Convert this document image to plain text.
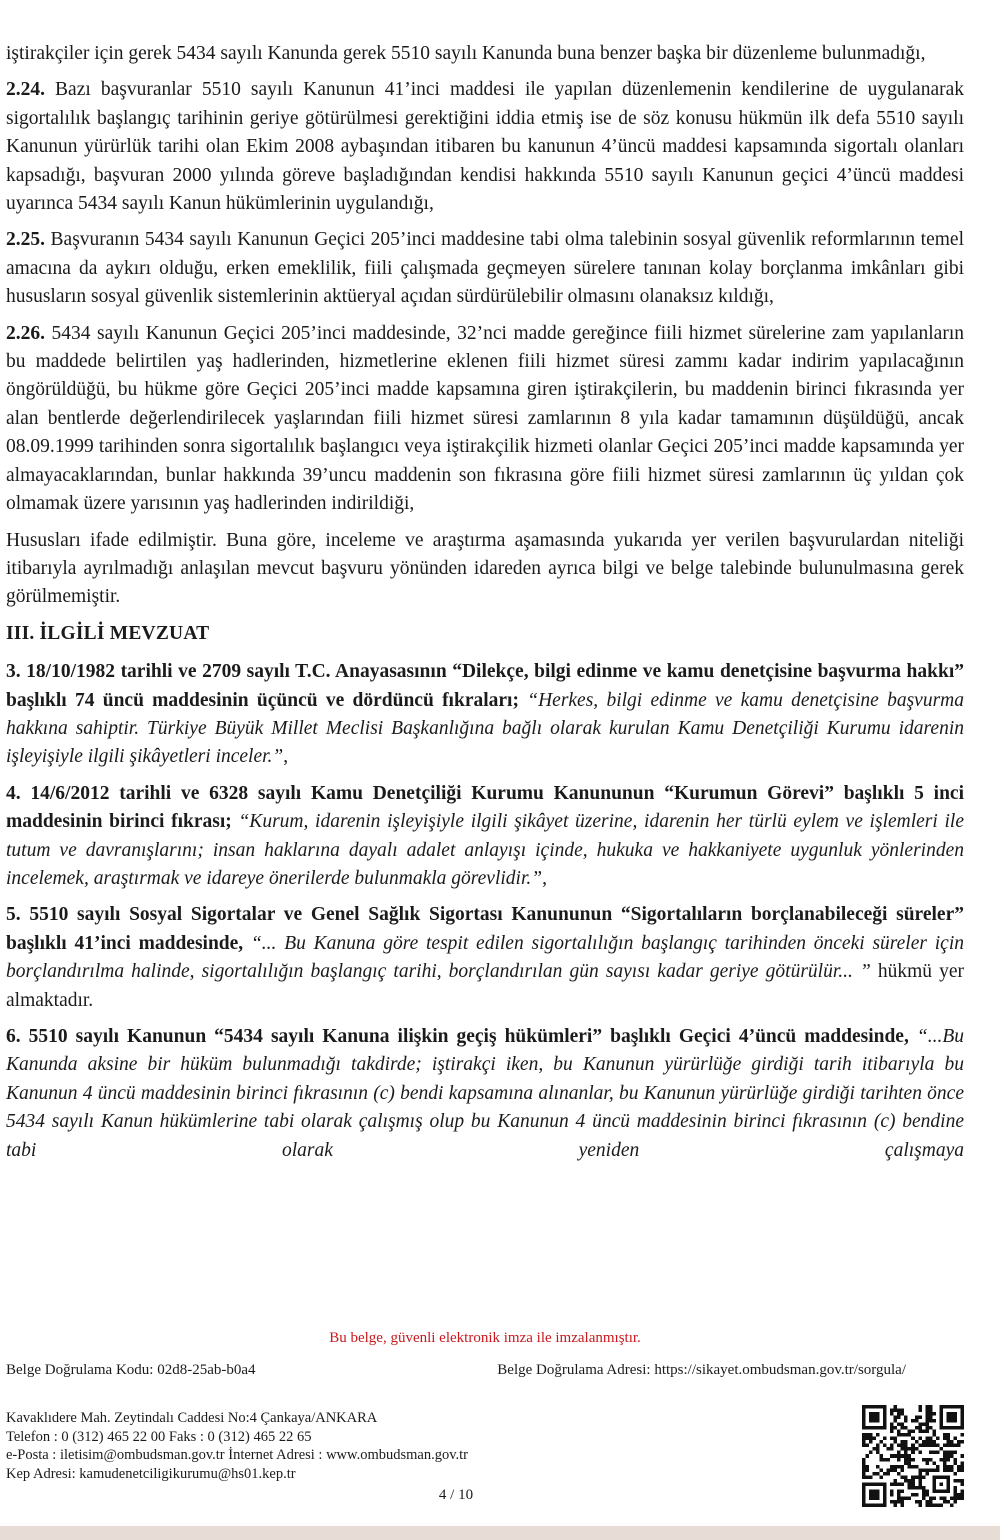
iştirakçiler için gerek 5434 sayılı Kanunda gerek 5510 sayılı Kanunda buna benzer başka bir düzenleme bulunmadığı,

2.24. Bazı başvuranlar 5510 sayılı Kanunun 41’inci maddesi ile yapılan düzenlemenin kendilerine de uygulanarak sigortalılık başlangıç tarihinin geriye götürülmesi gerektiğini iddia etmiş ise de söz konusu hükmün ilk defa 5510 sayılı Kanunun yürürlük tarihi olan Ekim 2008 aybaşından itibaren bu kanunun 4’üncü maddesi kapsamında sigortalı olanları kapsadığı, başvuran 2000 yılında göreve başladığından kendisi hakkında 5510 sayılı Kanunun geçici 4’üncü maddesi uyarınca 5434 sayılı Kanun hükümlerinin uygulandığı,

2.25. Başvuranın 5434 sayılı Kanunun Geçici 205’inci maddesine tabi olma talebinin sosyal güvenlik reformlarının temel amacına da aykırı olduğu, erken emeklilik, fiili çalışmada geçmeyen sürelere tanınan kolay borçlanma imkânları gibi hususların sosyal güvenlik sistemlerinin aktüeryal açıdan sürdürülebilir olmasını olanaksız kıldığı,

2.26. 5434 sayılı Kanunun Geçici 205’inci maddesinde, 32’nci madde gereğince fiili hizmet sürelerine zam yapılanların bu maddede belirtilen yaş hadlerinden, hizmetlerine eklenen fiili hizmet süresi zammı kadar indirim yapılacağının öngörüldüğü, bu hükme göre Geçici 205’inci madde kapsamına giren iştirakçilerin, bu maddenin birinci fıkrasında yer alan bentlerde değerlendirilecek yaşlarından fiili hizmet süresi zamlarının 8 yıla kadar tamamının düşüldüğü, ancak 08.09.1999 tarihinden sonra sigortalılık başlangıcı veya iştirakçilik hizmeti olanlar Geçici 205’inci madde kapsamında yer almayacaklarından, bunlar hakkında 39’uncu maddenin son fıkrasına göre fiili hizmet süresi zamlarının üç yıldan çok olmamak üzere yarısının yaş hadlerinden indirildiği,

Hususları ifade edilmiştir. Buna göre, inceleme ve araştırma aşamasında yukarıda yer verilen başvurulardan niteliği itibarıyla ayrılmadığı anlaşılan mevcut başvuru yönünden idareden ayrıca bilgi ve belge talebinde bulunulmasına gerek görülmemiştir.

III. İLGİLİ MEVZUAT

3. 18/10/1982 tarihli ve 2709 sayılı T.C. Anayasasının “Dilekçe, bilgi edinme ve kamu denetçisine başvurma hakkı” başlıklı 74 üncü maddesinin üçüncü ve dördüncü fıkraları; “Herkes, bilgi edinme ve kamu denetçisine başvurma hakkına sahiptir. Türkiye Büyük Millet Meclisi Başkanlığına bağlı olarak kurulan Kamu Denetçiliği Kurumu idarenin işleyişiyle ilgili şikâyetleri inceler.”,

4. 14/6/2012 tarihli ve 6328 sayılı Kamu Denetçiliği Kurumu Kanununun “Kurumun Görevi” başlıklı 5 inci maddesinin birinci fıkrası; “Kurum, idarenin işleyişiyle ilgili şikâyet üzerine, idarenin her türlü eylem ve işlemleri ile tutum ve davranışlarını; insan haklarına dayalı adalet anlayışı içinde, hukuka ve hakkaniyete uygunluk yönlerinden incelemek, araştırmak ve idareye önerilerde bulunmakla görevlidir.”,

5. 5510 sayılı Sosyal Sigortalar ve Genel Sağlık Sigortası Kanununun “Sigortalıların borçlanabileceği süreler” başlıklı 41’inci maddesinde, “... Bu Kanuna göre tespit edilen sigortalılığın başlangıç tarihinden önceki süreler için borçlandırılma halinde, sigortalılığın başlangıç tarihi, borçlandırılan gün sayısı kadar geriye götürülür... ” hükmü yer almaktadır.

6. 5510 sayılı Kanunun “5434 sayılı Kanuna ilişkin geçiş hükümleri” başlıklı Geçici 4’üncü maddesinde, “...Bu Kanunda aksine bir hüküm bulunmadığı takdirde; iştirakçi iken, bu Kanunun yürürlüğe girdiği tarih itibarıyla bu Kanunun 4 üncü maddesinin birinci fıkrasının (c) bendi kapsamına alınanlar, bu Kanunun yürürlüğe girdiği tarihten önce 5434 sayılı Kanun hükümlerine tabi olarak çalışmış olup bu Kanunun 4 üncü maddesinin birinci fıkrasının (c) bendine tabi olarak yeniden çalışmaya

Bu belge, güvenli elektronik imza ile imzalanmıştır.
Belge Doğrulama Kodu: 02d8-25ab-b0a4	Belge Doğrulama Adresi: https://sikayet.ombudsman.gov.tr/sorgula/
Kavaklıdere Mah. Zeytindalı Caddesi No:4 Çankaya/ANKARA
Telefon : 0 (312) 465 22 00 Faks : 0 (312) 465 22 65
e-Posta : iletisim@ombudsman.gov.tr İnternet Adresi : www.ombudsman.gov.tr
Kep Adresi: kamudenetciligikurumu@hs01.kep.tr
4 / 10
